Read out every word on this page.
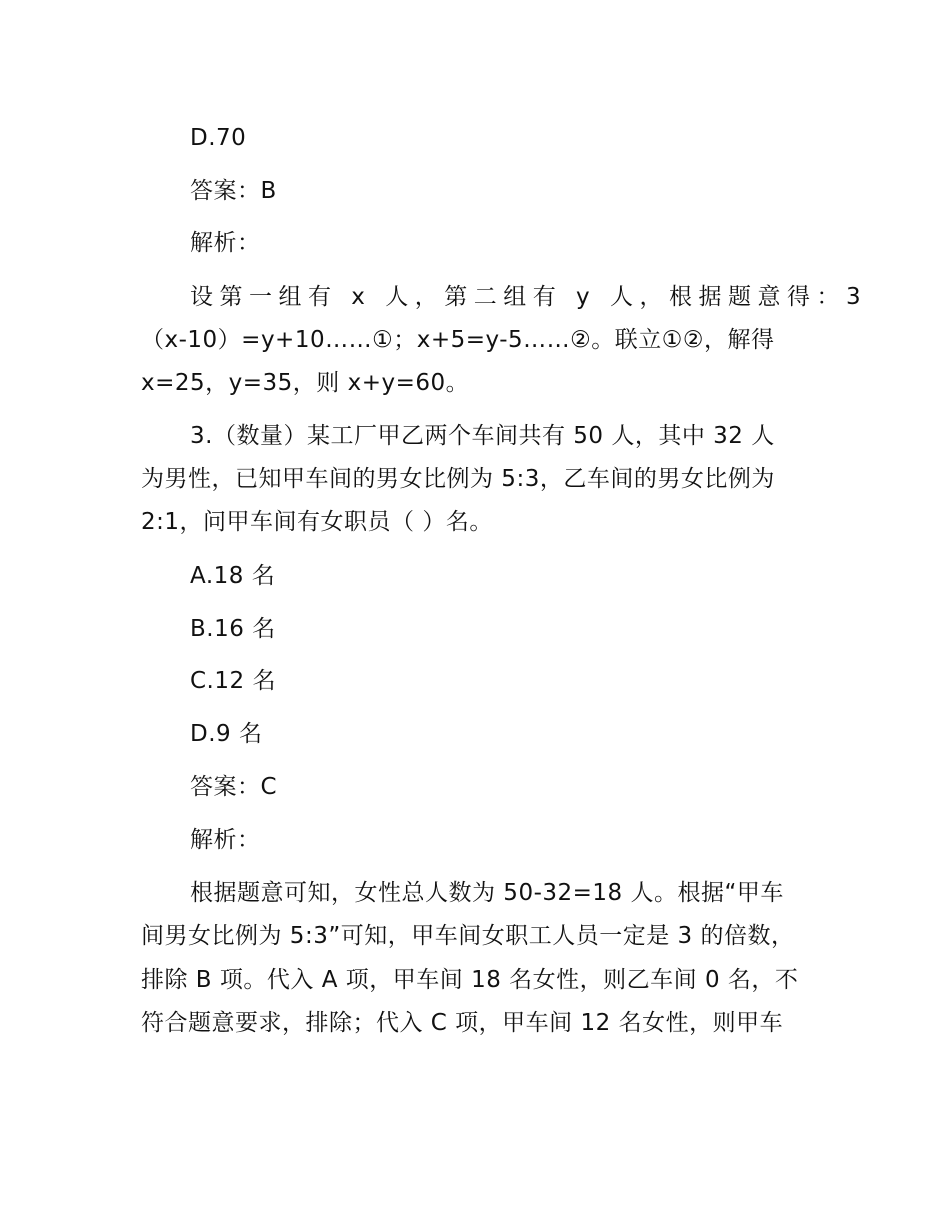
D.70
答案：B
解析：
设第一组有 x 人，第二组有 y 人，根据题意得：3
（x-10）=y+10……①；x+5=y-5……②。联立①②，解得
x=25，y=35，则 x+y=60。
3.（数量）某工厂甲乙两个车间共有 50 人，其中 32 人
为男性，已知甲车间的男女比例为 5:3，乙车间的男女比例为
2:1，问甲车间有女职员（ ）名。
A.18 名
B.16 名
C.12 名
D.9 名
答案：C
解析：
根据题意可知，女性总人数为 50-32=18 人。根据“甲车
间男女比例为 5:3”可知，甲车间女职工人员一定是 3 的倍数，
排除 B 项。代入 A 项，甲车间 18 名女性，则乙车间 0 名，不
符合题意要求，排除；代入 C 项，甲车间 12 名女性，则甲车
